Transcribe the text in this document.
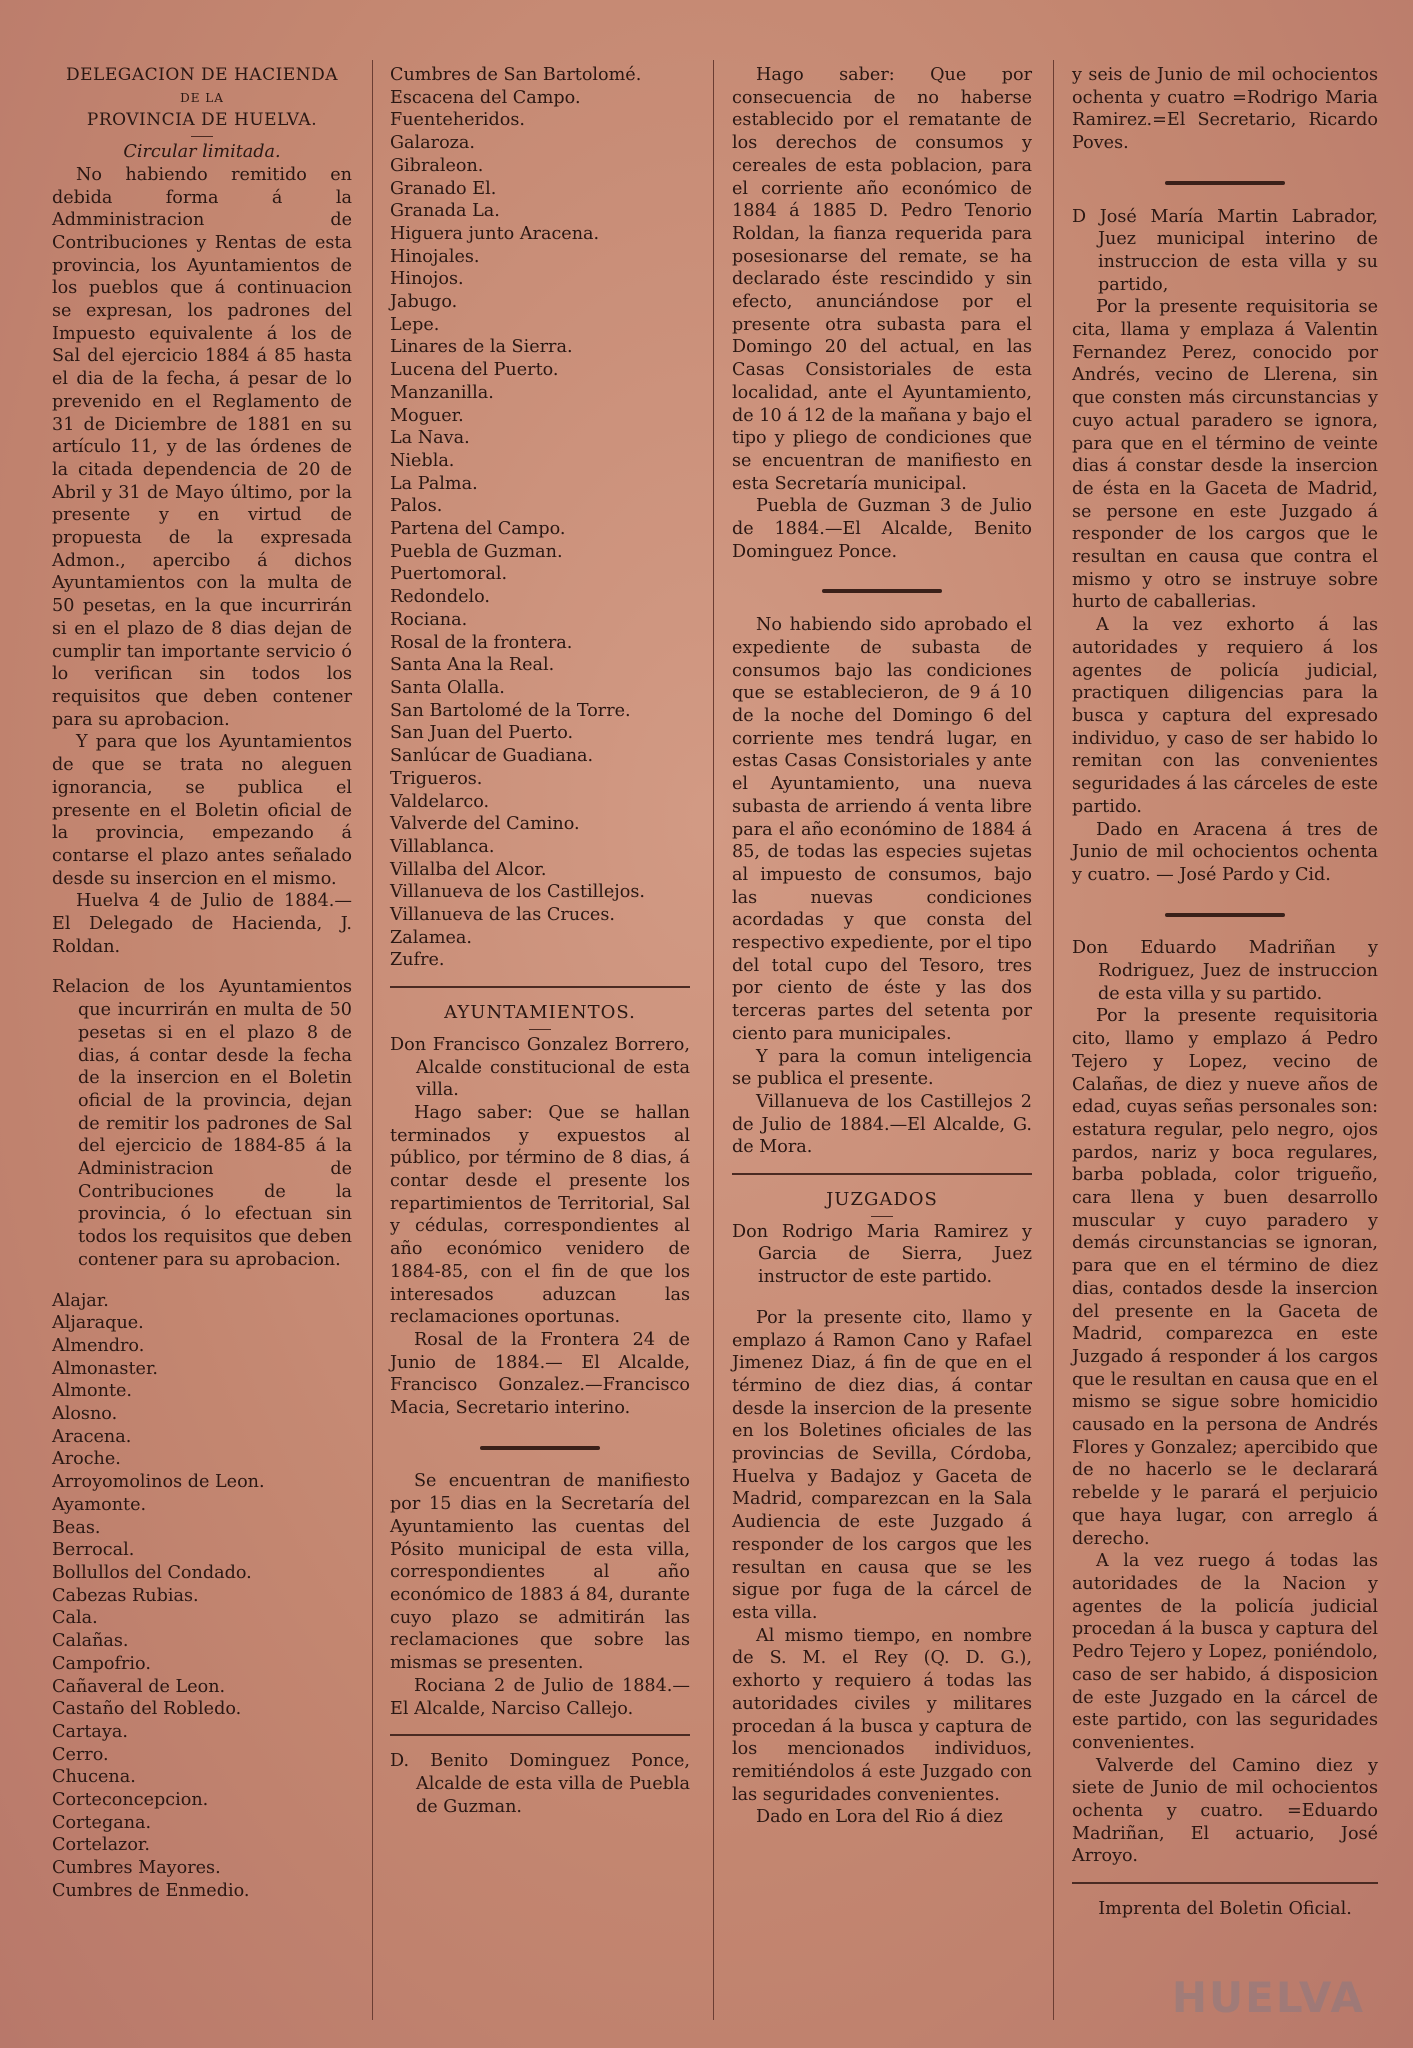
DELEGACION DE HACIENDA

DE LA

PROVINCIA DE HUELVA.

Circular limitada.

No habiendo remitido en debida forma á la Admministracion de Contribuciones y Rentas de esta provincia, los Ayuntamientos de los pueblos que á continuacion se expresan, los padrones del Impuesto equivalente á los de Sal del ejercicio 1884 á 85 hasta el dia de la fecha, á pesar de lo prevenido en el Reglamento de 31 de Diciembre de 1881 en su artículo 11, y de las órdenes de la citada dependencia de 20 de Abril y 31 de Mayo último, por la presente y en virtud de propuesta de la expresada Admon., apercibo á dichos Ayuntamientos con la multa de 50 pesetas, en la que incurrirán si en el plazo de 8 dias dejan de cumplir tan importante servicio ó lo verifican sin todos los requisitos que deben contener para su aprobacion.

Y para que los Ayuntamientos de que se trata no aleguen ignorancia, se publica el presente en el Boletin oficial de la provincia, empezando á contarse el plazo antes señalado desde su insercion en el mismo.

Huelva 4 de Julio de 1884.— El Delegado de Hacienda, J. Roldan.

Relacion de los Ayuntamientos que incurrirán en multa de 50 pesetas si en el plazo 8 de dias, á contar desde la fecha de la insercion en el Boletin oficial de la provincia, dejan de remitir los padrones de Sal del ejercicio de 1884-85 á la Administracion de Contribuciones de la provincia, ó lo efectuan sin todos los requisitos que deben contener para su aprobacion.

Alajar.
Aljaraque.
Almendro.
Almonaster.
Almonte.
Alosno.
Aracena.
Aroche.
Arroyomolinos de Leon.
Ayamonte.
Beas.
Berrocal.
Bollullos del Condado.
Cabezas Rubias.
Cala.
Calañas.
Campofrio.
Cañaveral de Leon.
Castaño del Robledo.
Cartaya.
Cerro.
Chucena.
Corteconcepcion.
Cortegana.
Cortelazor.
Cumbres Mayores.
Cumbres de Enmedio.
Cumbres de San Bartolomé.
Escacena del Campo.
Fuenteheridos.
Galaroza.
Gibraleon.
Granado El.
Granada La.
Higuera junto Aracena.
Hinojales.
Hinojos.
Jabugo.
Lepe.
Linares de la Sierra.
Lucena del Puerto.
Manzanilla.
Moguer.
La Nava.
Niebla.
La Palma.
Palos.
Partena del Campo.
Puebla de Guzman.
Puertomoral.
Redondelo.
Rociana.
Rosal de la frontera.
Santa Ana la Real.
Santa Olalla.
San Bartolomé de la Torre.
San Juan del Puerto.
Sanlúcar de Guadiana.
Trigueros.
Valdelarco.
Valverde del Camino.
Villablanca.
Villalba del Alcor.
Villanueva de los Castillejos.
Villanueva de las Cruces.
Zalamea.
Zufre.

AYUNTAMIENTOS.

Don Francisco Gonzalez Borrero, Alcalde constitucional de esta villa.

Hago saber: Que se hallan terminados y expuestos al público, por término de 8 dias, á contar desde el presente los repartimientos de Territorial, Sal y cédulas, correspondientes al año económico venidero de 1884-85, con el fin de que los interesados aduzcan las reclamaciones oportunas.

Rosal de la Frontera 24 de Junio de 1884.— El Alcalde, Francisco Gonzalez.—Francisco Macia, Secretario interino.

Se encuentran de manifiesto por 15 dias en la Secretaría del Ayuntamiento las cuentas del Pósito municipal de esta villa, correspondientes al año económico de 1883 á 84, durante cuyo plazo se admitirán las reclamaciones que sobre las mismas se presenten.

Rociana 2 de Julio de 1884.— El Alcalde, Narciso Callejo.

D. Benito Dominguez Ponce, Alcalde de esta villa de Puebla de Guzman.

Hago saber: Que por consecuencia de no haberse establecido por el rematante de los derechos de consumos y cereales de esta poblacion, para el corriente año económico de 1884 á 1885 D. Pedro Tenorio Roldan, la fianza requerida para posesionarse del remate, se ha declarado éste rescindido y sin efecto, anunciándose por el presente otra subasta para el Domingo 20 del actual, en las Casas Consistoriales de esta localidad, ante el Ayuntamiento, de 10 á 12 de la mañana y bajo el tipo y pliego de condiciones que se encuentran de manifiesto en esta Secretaría municipal.

Puebla de Guzman 3 de Julio de 1884.—El Alcalde, Benito Dominguez Ponce.

No habiendo sido aprobado el expediente de subasta de consumos bajo las condiciones que se establecieron, de 9 á 10 de la noche del Domingo 6 del corriente mes tendrá lugar, en estas Casas Consistoriales y ante el Ayuntamiento, una nueva subasta de arriendo á venta libre para el año económino de 1884 á 85, de todas las especies sujetas al impuesto de consumos, bajo las nuevas condiciones acordadas y que consta del respectivo expediente, por el tipo del total cupo del Tesoro, tres por ciento de éste y las dos terceras partes del setenta por ciento para municipales.

Y para la comun inteligencia se publica el presente.

Villanueva de los Castillejos 2 de Julio de 1884.—El Alcalde, G. de Mora.

JUZGADOS

Don Rodrigo Maria Ramirez y Garcia de Sierra, Juez instructor de este partido.

Por la presente cito, llamo y emplazo á Ramon Cano y Rafael Jimenez Diaz, á fin de que en el término de diez dias, á contar desde la insercion de la presente en los Boletines oficiales de las provincias de Sevilla, Córdoba, Huelva y Badajoz y Gaceta de Madrid, comparezcan en la Sala Audiencia de este Juzgado á responder de los cargos que les resultan en causa que se les sigue por fuga de la cárcel de esta villa.

Al mismo tiempo, en nombre de S. M. el Rey (Q. D. G.), exhorto y requiero á todas las autoridades civiles y militares procedan á la busca y captura de los mencionados individuos, remitiéndolos á este Juzgado con las seguridades convenientes.

Dado en Lora del Rio á diez

y seis de Junio de mil ochocientos ochenta y cuatro =Rodrigo Maria Ramirez.=El Secretario, Ricardo Poves.

D José María Martin Labrador, Juez municipal interino de instruccion de esta villa y su partido,

Por la presente requisitoria se cita, llama y emplaza á Valentin Fernandez Perez, conocido por Andrés, vecino de Llerena, sin que consten más circunstancias y cuyo actual paradero se ignora, para que en el término de veinte dias á constar desde la insercion de ésta en la Gaceta de Madrid, se persone en este Juzgado á responder de los cargos que le resultan en causa que contra el mismo y otro se instruye sobre hurto de caballerias.

A la vez exhorto á las autoridades y requiero á los agentes de policía judicial, practiquen diligencias para la busca y captura del expresado individuo, y caso de ser habido lo remitan con las convenientes seguridades á las cárceles de este partido.

Dado en Aracena á tres de Junio de mil ochocientos ochenta y cuatro. — José Pardo y Cid.

Don Eduardo Madriñan y Rodriguez, Juez de instruccion de esta villa y su partido.

Por la presente requisitoria cito, llamo y emplazo á Pedro Tejero y Lopez, vecino de Calañas, de diez y nueve años de edad, cuyas señas personales son: estatura regular, pelo negro, ojos pardos, nariz y boca regulares, barba poblada, color trigueño, cara llena y buen desarrollo muscular y cuyo paradero y demás circunstancias se ignoran, para que en el término de diez dias, contados desde la insercion del presente en la Gaceta de Madrid, comparezca en este Juzgado á responder á los cargos que le resultan en causa que en el mismo se sigue sobre homicidio causado en la persona de Andrés Flores y Gonzalez; apercibido que de no hacerlo se le declarará rebelde y le parará el perjuicio que haya lugar, con arreglo á derecho.

A la vez ruego á todas las autoridades de la Nacion y agentes de la policía judicial procedan á la busca y captura del Pedro Tejero y Lopez, poniéndolo, caso de ser habido, á disposicion de este Juzgado en la cárcel de este partido, con las seguridades convenientes.

Valverde del Camino diez y siete de Junio de mil ochocientos ochenta y cuatro. =Eduardo Madriñan, El actuario, José Arroyo.

Imprenta del Boletin Oficial.

HUELVA
